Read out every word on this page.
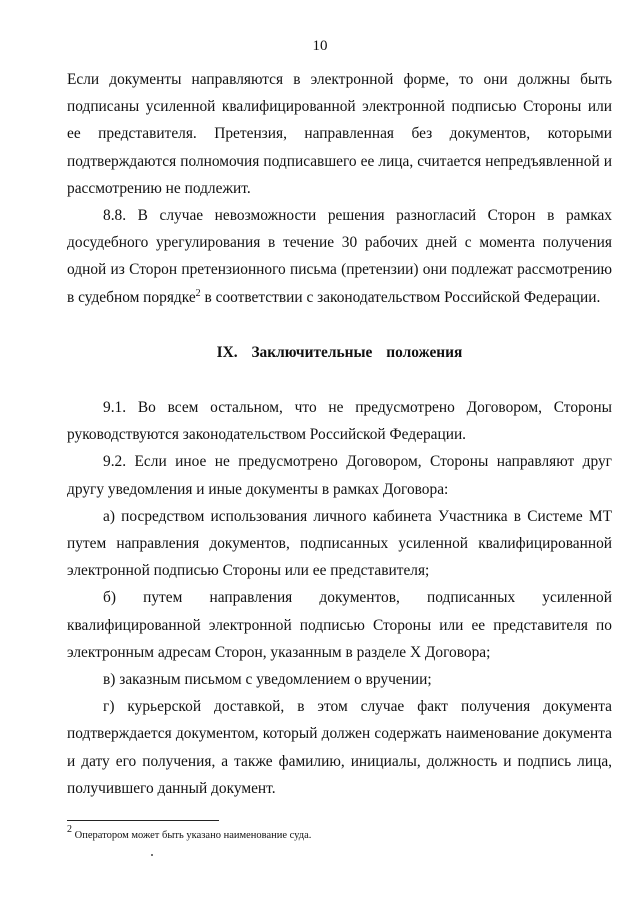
10

Если документы направляются в электронной форме, то они должны быть подписаны усиленной квалифицированной электронной подписью Стороны или ее представителя. Претензия, направленная без документов, которыми подтверждаются полномочия подписавшего ее лица, считается непредъявленной и рассмотрению не подлежит.

8.8. В случае невозможности решения разногласий Сторон в рамках досудебного урегулирования в течение 30 рабочих дней с момента получения одной из Сторон претензионного письма (претензии) они подлежат рассмотрению в судебном порядке$^2$ в соответствии с законодательством Российской Федерации.

IX. Заключительные положения

9.1. Во всем остальном, что не предусмотрено Договором, Стороны руководствуются законодательством Российской Федерации.

9.2. Если иное не предусмотрено Договором, Стороны направляют друг другу уведомления и иные документы в рамках Договора:

а) посредством использования личного кабинета Участника в Системе МТ путем направления документов, подписанных усиленной квалифицированной электронной подписью Стороны или ее представителя;

б) путем направления документов, подписанных усиленной квалифицированной электронной подписью Стороны или ее представителя по электронным адресам Сторон, указанным в разделе X Договора;

в) заказным письмом с уведомлением о вручении;

г) курьерской доставкой, в этом случае факт получения документа подтверждается документом, который должен содержать наименование документа и дату его получения, а также фамилию, инициалы, должность и подпись лица, получившего данный документ.

$^2$ Оператором может быть указано наименование суда.
